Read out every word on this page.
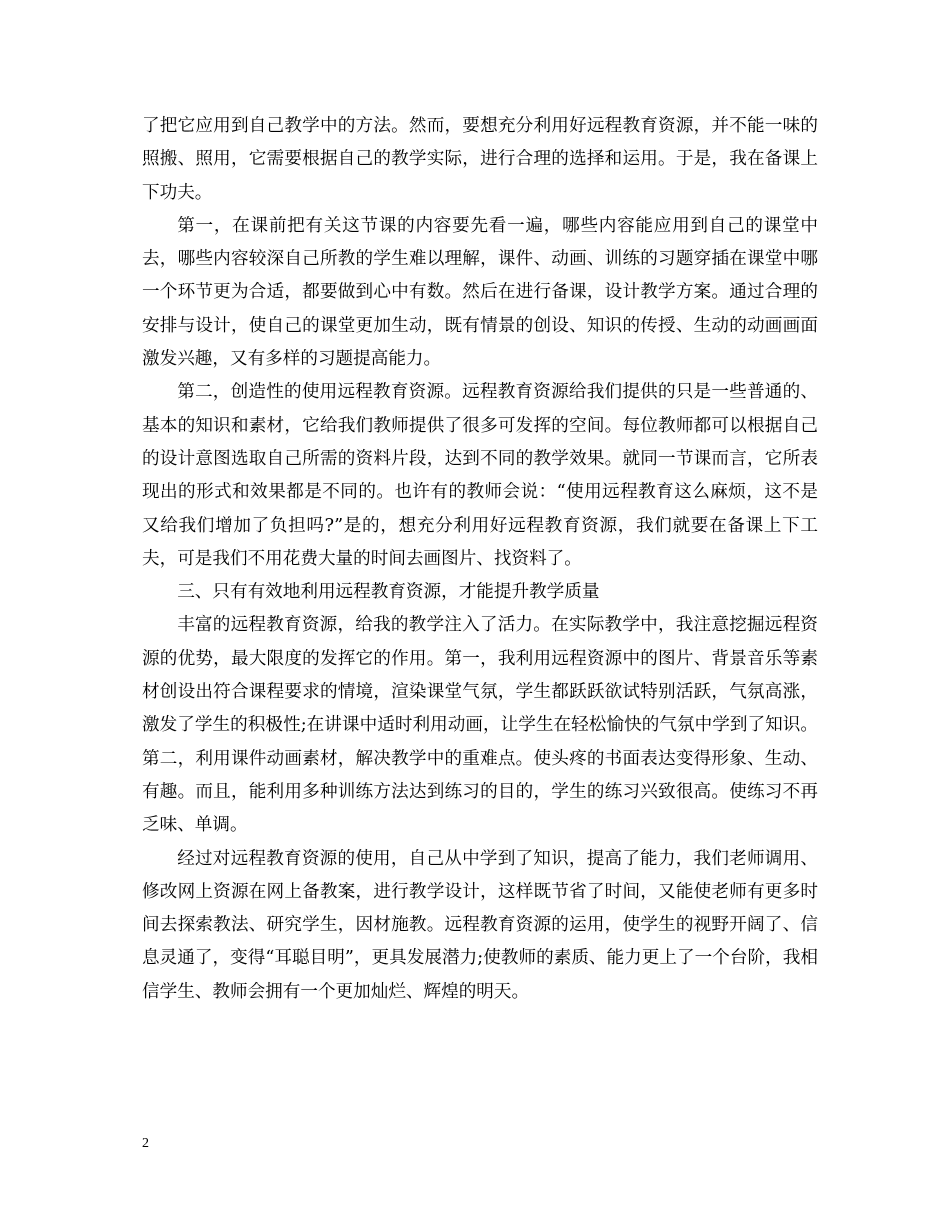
了把它应用到自己教学中的方法。然而，要想充分利用好远程教育资源，并不能一味的照搬、照用，它需要根据自己的教学实际，进行合理的选择和运用。于是，我在备课上下功夫。

第一，在课前把有关这节课的内容要先看一遍，哪些内容能应用到自己的课堂中去，哪些内容较深自己所教的学生难以理解，课件、动画、训练的习题穿插在课堂中哪一个环节更为合适，都要做到心中有数。然后在进行备课，设计教学方案。通过合理的安排与设计，使自己的课堂更加生动，既有情景的创设、知识的传授、生动的动画画面激发兴趣，又有多样的习题提高能力。

第二，创造性的使用远程教育资源。远程教育资源给我们提供的只是一些普通的、基本的知识和素材，它给我们教师提供了很多可发挥的空间。每位教师都可以根据自己的设计意图选取自己所需的资料片段，达到不同的教学效果。就同一节课而言，它所表现出的形式和效果都是不同的。也许有的教师会说：“使用远程教育这么麻烦，这不是又给我们增加了负担吗?”是的，想充分利用好远程教育资源，我们就要在备课上下工夫，可是我们不用花费大量的时间去画图片、找资料了。

三、只有有效地利用远程教育资源，才能提升教学质量

丰富的远程教育资源，给我的教学注入了活力。在实际教学中，我注意挖掘远程资源的优势，最大限度的发挥它的作用。第一，我利用远程资源中的图片、背景音乐等素材创设出符合课程要求的情境，渲染课堂气氛，学生都跃跃欲试特别活跃，气氛高涨，激发了学生的积极性;在讲课中适时利用动画，让学生在轻松愉快的气氛中学到了知识。第二，利用课件动画素材，解决教学中的重难点。使头疼的书面表达变得形象、生动、有趣。而且，能利用多种训练方法达到练习的目的，学生的练习兴致很高。使练习不再乏味、单调。

经过对远程教育资源的使用，自己从中学到了知识，提高了能力，我们老师调用、修改网上资源在网上备教案，进行教学设计，这样既节省了时间，又能使老师有更多时间去探索教法、研究学生，因材施教。远程教育资源的运用，使学生的视野开阔了、信息灵通了，变得“耳聪目明”，更具发展潜力;使教师的素质、能力更上了一个台阶，我相信学生、教师会拥有一个更加灿烂、辉煌的明天。

2
